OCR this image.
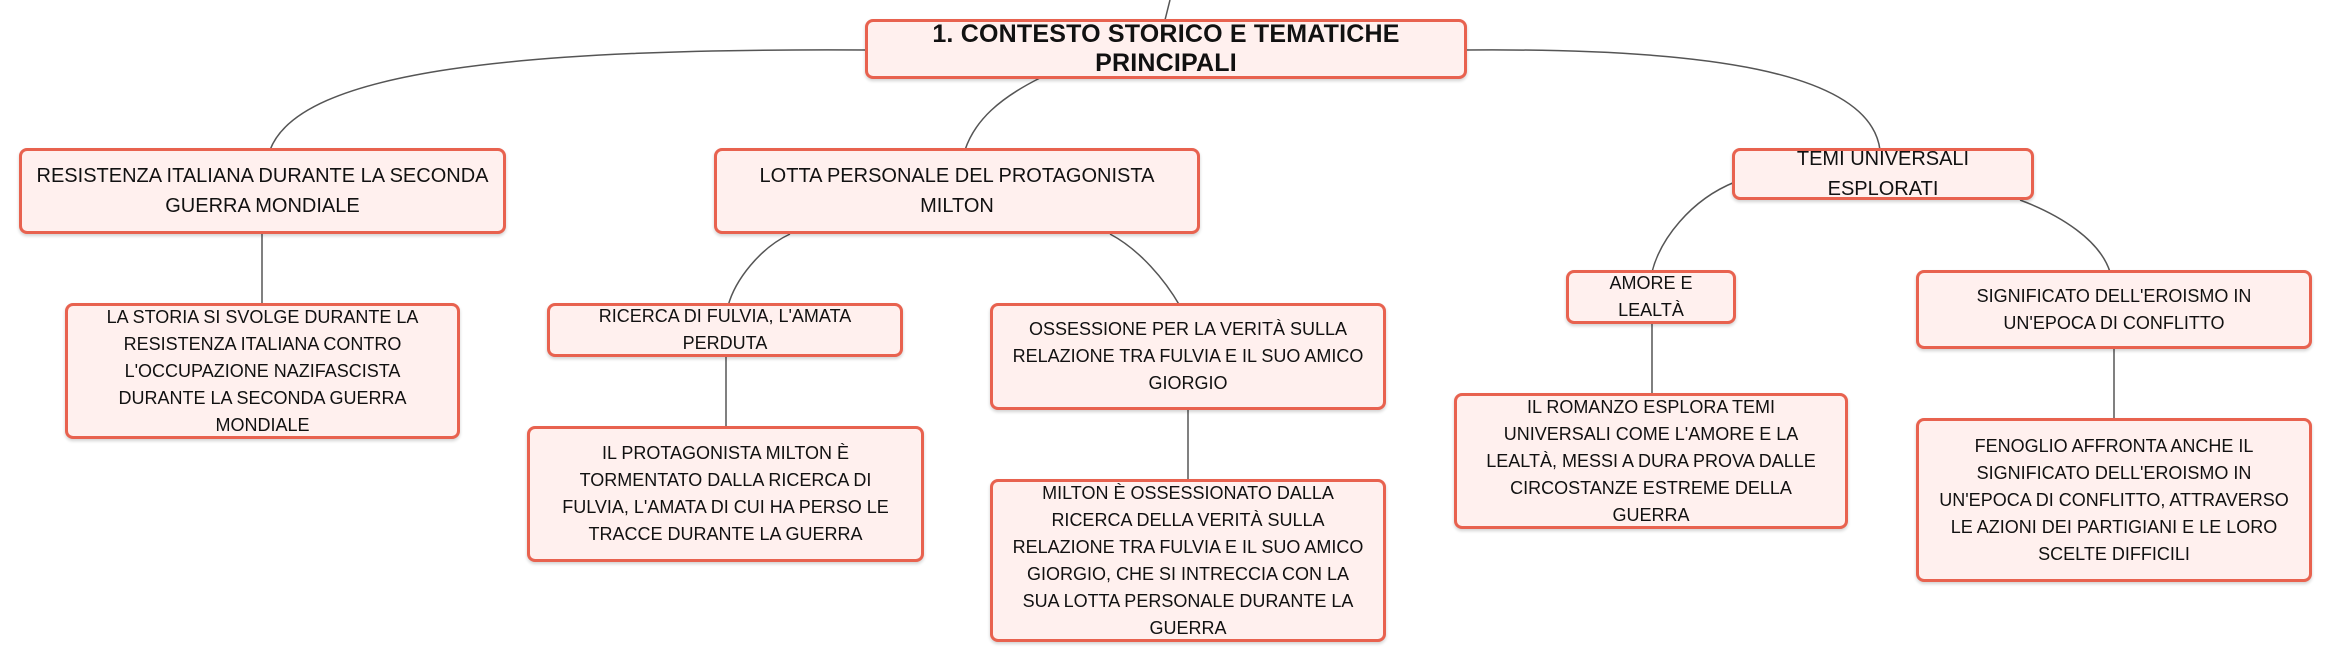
1. CONTESTO STORICO E TEMATICHE PRINCIPALI
RESISTENZA ITALIANA DURANTE LA SECONDA GUERRA MONDIALE
LA STORIA SI SVOLGE DURANTE LA RESISTENZA ITALIANA CONTRO L'OCCUPAZIONE NAZIFASCISTA DURANTE LA SECONDA GUERRA MONDIALE
LOTTA PERSONALE DEL PROTAGONISTA MILTON
RICERCA DI FULVIA, L'AMATA PERDUTA
IL PROTAGONISTA MILTON È TORMENTATO DALLA RICERCA DI FULVIA, L'AMATA DI CUI HA PERSO LE TRACCE DURANTE LA GUERRA
OSSESSIONE PER LA VERITÀ SULLA RELAZIONE TRA FULVIA E IL SUO AMICO GIORGIO
MILTON È OSSESSIONATO DALLA RICERCA DELLA VERITÀ SULLA RELAZIONE TRA FULVIA E IL SUO AMICO GIORGIO, CHE SI INTRECCIA CON LA SUA LOTTA PERSONALE DURANTE LA GUERRA
TEMI UNIVERSALI ESPLORATI
AMORE E LEALTÀ
IL ROMANZO ESPLORA TEMI UNIVERSALI COME L'AMORE E LA LEALTÀ, MESSI A DURA PROVA DALLE CIRCOSTANZE ESTREME DELLA GUERRA
SIGNIFICATO DELL'EROISMO IN UN'EPOCA DI CONFLITTO
FENOGLIO AFFRONTA ANCHE IL SIGNIFICATO DELL'EROISMO IN UN'EPOCA DI CONFLITTO, ATTRAVERSO LE AZIONI DEI PARTIGIANI E LE LORO SCELTE DIFFICILI
